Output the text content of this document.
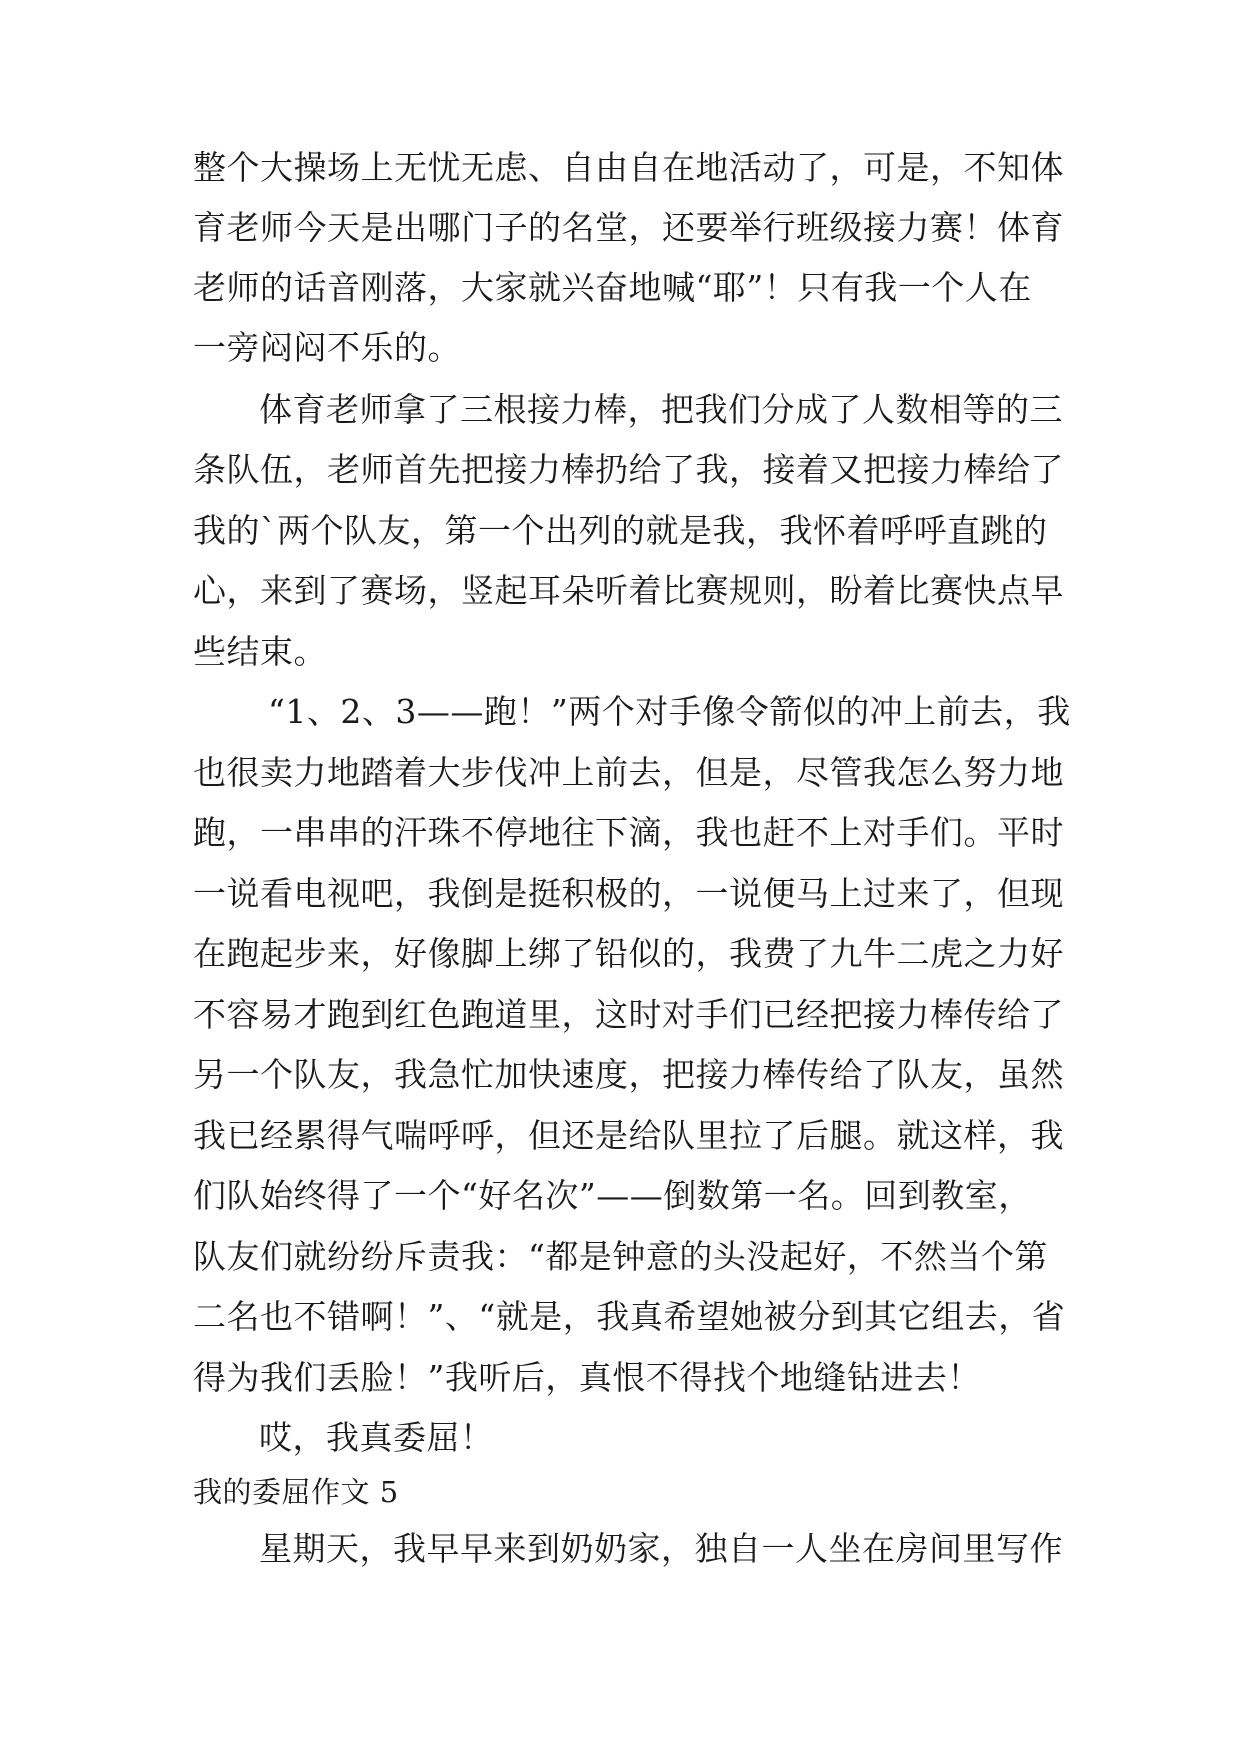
整个大操场上无忧无虑、自由自在地活动了，可是，不知体
育老师今天是出哪门子的名堂，还要举行班级接力赛！体育
老师的话音刚落，大家就兴奋地喊“耶”！只有我一个人在
一旁闷闷不乐的。
体育老师拿了三根接力棒，把我们分成了人数相等的三
条队伍，老师首先把接力棒扔给了我，接着又把接力棒给了
我的`两个队友，第一个出列的就是我，我怀着呼呼直跳的
心，来到了赛场，竖起耳朵听着比赛规则，盼着比赛快点早
些结束。
“1、2、3——跑！”两个对手像令箭似的冲上前去，我
也很卖力地踏着大步伐冲上前去，但是，尽管我怎么努力地
跑，一串串的汗珠不停地往下滴，我也赶不上对手们。平时
一说看电视吧，我倒是挺积极的，一说便马上过来了，但现
在跑起步来，好像脚上绑了铅似的，我费了九牛二虎之力好
不容易才跑到红色跑道里，这时对手们已经把接力棒传给了
另一个队友，我急忙加快速度，把接力棒传给了队友，虽然
我已经累得气喘呼呼，但还是给队里拉了后腿。就这样，我
们队始终得了一个“好名次”——倒数第一名。回到教室，
队友们就纷纷斥责我：“都是钟意的头没起好，不然当个第
二名也不错啊！”、“就是，我真希望她被分到其它组去，省
得为我们丢脸！”我听后，真恨不得找个地缝钻进去！
哎，我真委屈！
我的委屈作文 5
星期天，我早早来到奶奶家，独自一人坐在房间里写作
